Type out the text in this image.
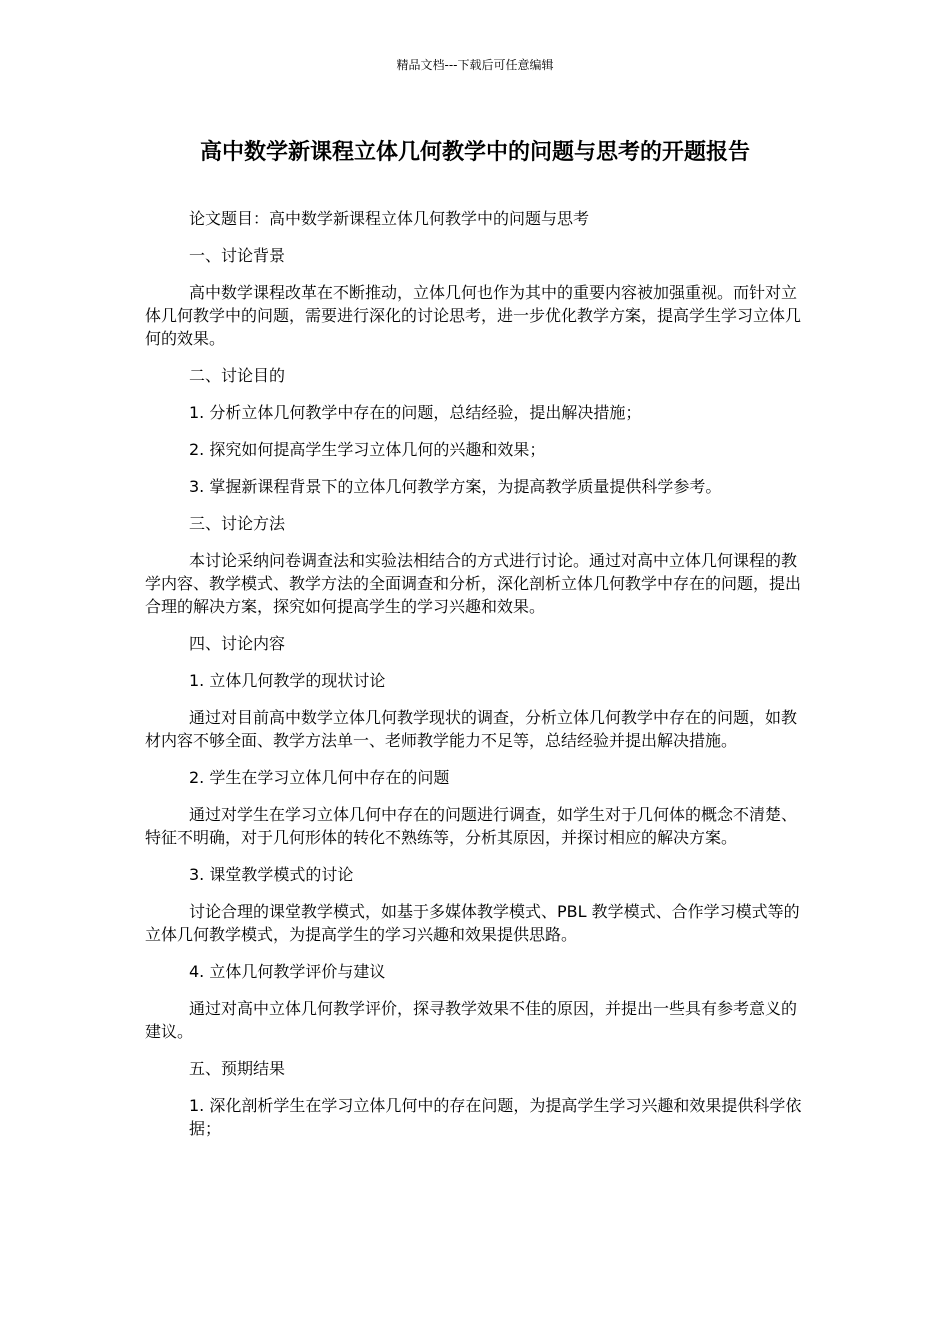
精品文档---下载后可任意编辑
高中数学新课程立体几何教学中的问题与思考的开题报告

论文题目：高中数学新课程立体几何教学中的问题与思考

一、讨论背景

高中数学课程改革在不断推动，立体几何也作为其中的重要内容被加强重视。而针对立体几何教学中的问题，需要进行深化的讨论思考，进一步优化教学方案，提高学生学习立体几何的效果。

二、讨论目的

1. 分析立体几何教学中存在的问题，总结经验，提出解决措施；

2. 探究如何提高学生学习立体几何的兴趣和效果；

3. 掌握新课程背景下的立体几何教学方案，为提高教学质量提供科学参考。

三、讨论方法

本讨论采纳问卷调查法和实验法相结合的方式进行讨论。通过对高中立体几何课程的教学内容、教学模式、教学方法的全面调查和分析，深化剖析立体几何教学中存在的问题，提出合理的解决方案，探究如何提高学生的学习兴趣和效果。

四、讨论内容

1. 立体几何教学的现状讨论

通过对目前高中数学立体几何教学现状的调查，分析立体几何教学中存在的问题，如教材内容不够全面、教学方法单一、老师教学能力不足等，总结经验并提出解决措施。

2. 学生在学习立体几何中存在的问题

通过对学生在学习立体几何中存在的问题进行调查，如学生对于几何体的概念不清楚、特征不明确，对于几何形体的转化不熟练等，分析其原因，并探讨相应的解决方案。

3. 课堂教学模式的讨论

讨论合理的课堂教学模式，如基于多媒体教学模式、PBL 教学模式、合作学习模式等的立体几何教学模式，为提高学生的学习兴趣和效果提供思路。

4. 立体几何教学评价与建议

通过对高中立体几何教学评价，探寻教学效果不佳的原因，并提出一些具有参考意义的建议。

五、预期结果

1. 深化剖析学生在学习立体几何中的存在问题，为提高学生学习兴趣和效果提供科学依据；
